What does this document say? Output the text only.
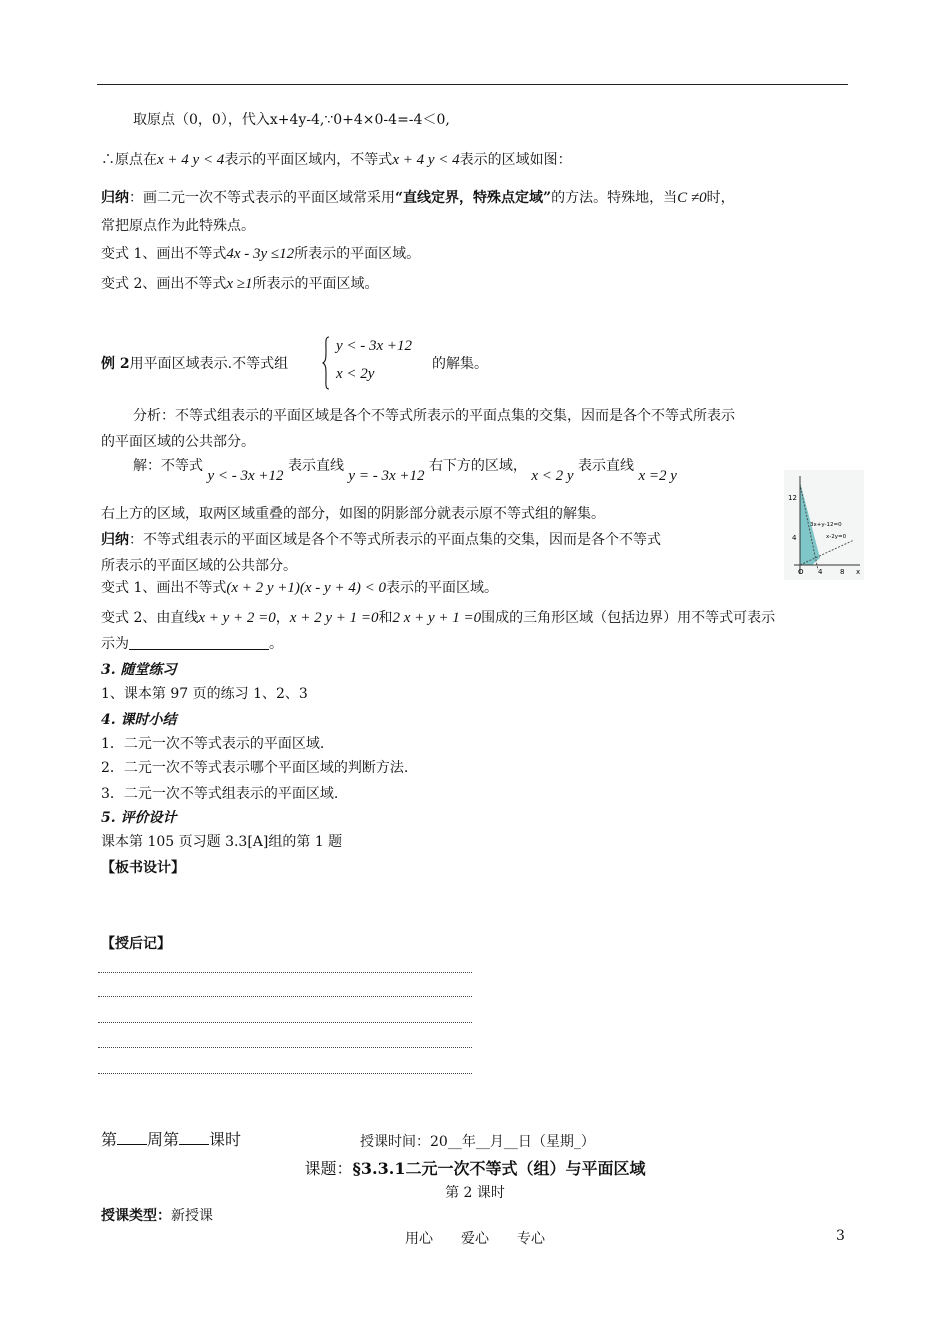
取原点（0，0），代入x+4y-4,∵0+4×0-4=-4＜0,
∴原点在x + 4 y < 4表示的平面区域内，不等式x + 4 y < 4表示的区域如图：
归纳：画二元一次不等式表示的平面区域常采用“直线定界，特殊点定域”的方法。特殊地，当C ≠0时，
常把原点作为此特殊点。
变式 1、画出不等式4x - 3y ≤12所表示的平面区域。
变式 2、画出不等式x ≥1所表示的平面区域。
例 2用平面区域表示.不等式组
y < - 3x +12
x < 2y
的解集。
分析：不等式组表示的平面区域是各个不等式所表示的平面点集的交集，因而是各个不等式所表示
的平面区域的公共部分。
解：不等式 y < - 3x +12 表示直线 y = - 3x +12 右下方的区域， x < 2 y 表示直线 x =2 y
12
4
O 4	8 x
3x+y-12=0
x-2y=0
右上方的区域，取两区域重叠的部分，如图的阴影部分就表示原不等式组的解集。
归纳：不等式组表示的平面区域是各个不等式所表示的平面点集的交集，因而是各个不等式
所表示的平面区域的公共部分。
变式 1、画出不等式(x + 2 y +1)(x - y + 4) < 0表示的平面区域。
变式 2、由直线x + y + 2 =0，x + 2 y + 1 =0和2 x + y + 1 =0围成的三角形区域（包括边界）用不等式可表示
示为	。
3. 随堂练习
1、课本第 97 页的练习 1、2、3
4. 课时小结
1．二元一次不等式表示的平面区域.
2．二元一次不等式表示哪个平面区域的判断方法.
3．二元一次不等式组表示的平面区域.
5. 评价设计
课本第 105 页习题 3.3[A]组的第 1 题
【板书设计】
【授后记】
第 周第 课时	授课时间：20__年__月__日（星期_）
课题：§3.3.1二元一次不等式（组）与平面区域
第 2 课时
授课类型：新授课
用心　　爱心　　专心	3
